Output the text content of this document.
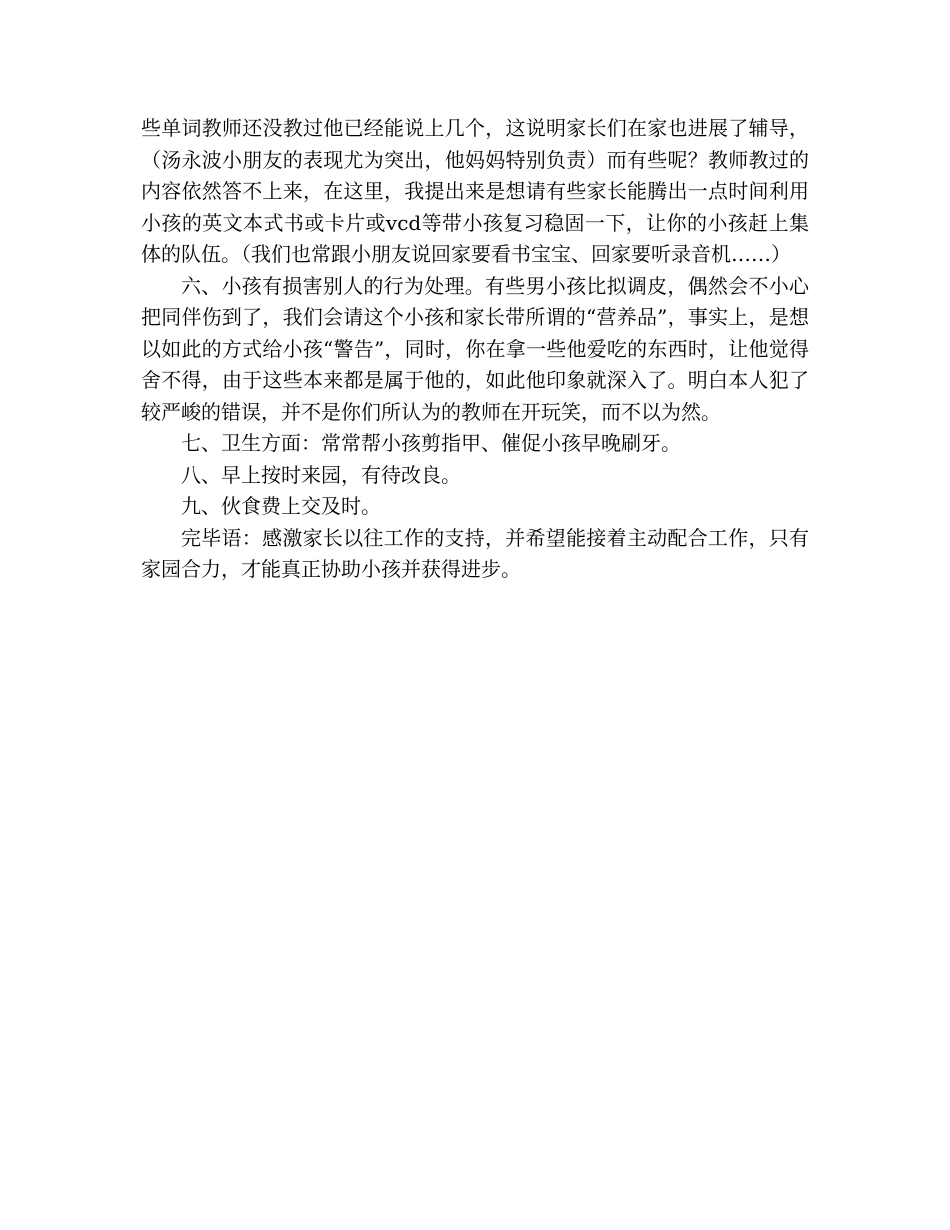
些单词教师还没教过他已经能说上几个，这说明家长们在家也进展了辅导，（汤永波小朋友的表现尤为突出，他妈妈特别负责）而有些呢？教师教过的内容依然答不上来，在这里，我提出来是想请有些家长能腾出一点时间利用小孩的英文本式书或卡片或vcd等带小孩复习稳固一下，让你的小孩赶上集体的队伍。（我们也常跟小朋友说回家要看书宝宝、回家要听录音机……）

六、小孩有损害别人的行为处理。有些男小孩比拟调皮，偶然会不小心把同伴伤到了，我们会请这个小孩和家长带所谓的“营养品”，事实上，是想以如此的方式给小孩“警告”，同时，你在拿一些他爱吃的东西时，让他觉得舍不得，由于这些本来都是属于他的，如此他印象就深入了。明白本人犯了较严峻的错误，并不是你们所认为的教师在开玩笑，而不以为然。

七、卫生方面：常常帮小孩剪指甲、催促小孩早晚刷牙。

八、早上按时来园，有待改良。

九、伙食费上交及时。

完毕语：感激家长以往工作的支持，并希望能接着主动配合工作，只有家园合力，才能真正协助小孩并获得进步。
